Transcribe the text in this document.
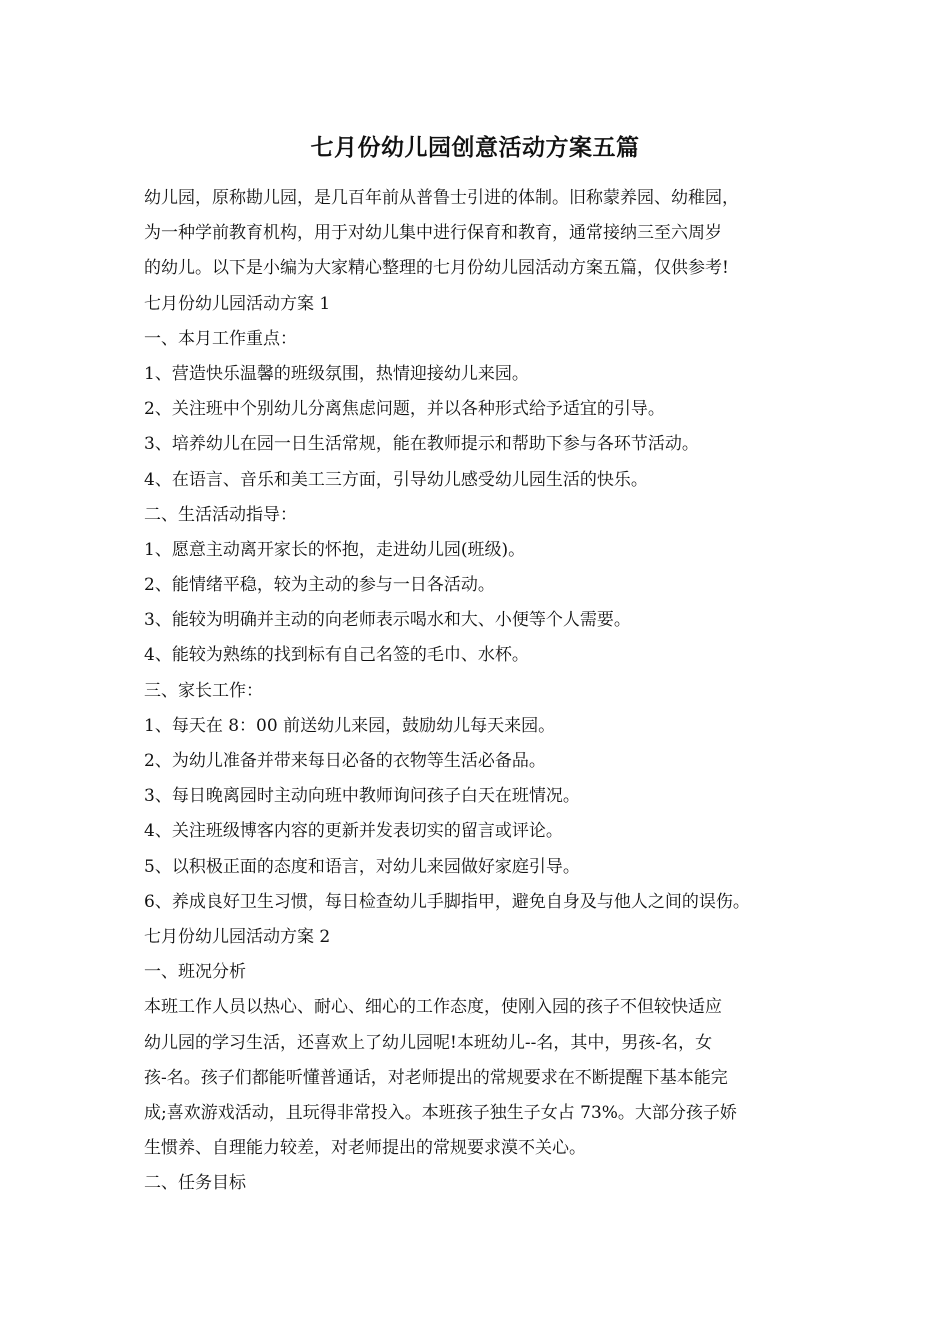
七月份幼儿园创意活动方案五篇
幼儿园，原称勘儿园，是几百年前从普鲁士引进的体制。旧称蒙养园、幼稚园，
为一种学前教育机构，用于对幼儿集中进行保育和教育，通常接纳三至六周岁
的幼儿。以下是小编为大家精心整理的七月份幼儿园活动方案五篇，仅供参考!
七月份幼儿园活动方案 1
一、本月工作重点：
1、营造快乐温馨的班级氛围，热情迎接幼儿来园。
2、关注班中个别幼儿分离焦虑问题，并以各种形式给予适宜的引导。
3、培养幼儿在园一日生活常规，能在教师提示和帮助下参与各环节活动。
4、在语言、音乐和美工三方面，引导幼儿感受幼儿园生活的快乐。
二、生活活动指导：
1、愿意主动离开家长的怀抱，走进幼儿园(班级)。
2、能情绪平稳，较为主动的参与一日各活动。
3、能较为明确并主动的向老师表示喝水和大、小便等个人需要。
4、能较为熟练的找到标有自己名签的毛巾、水杯。
三、家长工作：
1、每天在 8：00 前送幼儿来园，鼓励幼儿每天来园。
2、为幼儿准备并带来每日必备的衣物等生活必备品。
3、每日晚离园时主动向班中教师询问孩子白天在班情况。
4、关注班级博客内容的更新并发表切实的留言或评论。
5、以积极正面的态度和语言，对幼儿来园做好家庭引导。
6、养成良好卫生习惯，每日检查幼儿手脚指甲，避免自身及与他人之间的误伤。
七月份幼儿园活动方案 2
一、班况分析
本班工作人员以热心、耐心、细心的工作态度，使刚入园的孩子不但较快适应
幼儿园的学习生活，还喜欢上了幼儿园呢!本班幼儿--名，其中，男孩-名，女
孩-名。孩子们都能听懂普通话，对老师提出的常规要求在不断提醒下基本能完
成;喜欢游戏活动，且玩得非常投入。本班孩子独生子女占 73%。大部分孩子娇
生惯养、自理能力较差，对老师提出的常规要求漠不关心。
二、任务目标
